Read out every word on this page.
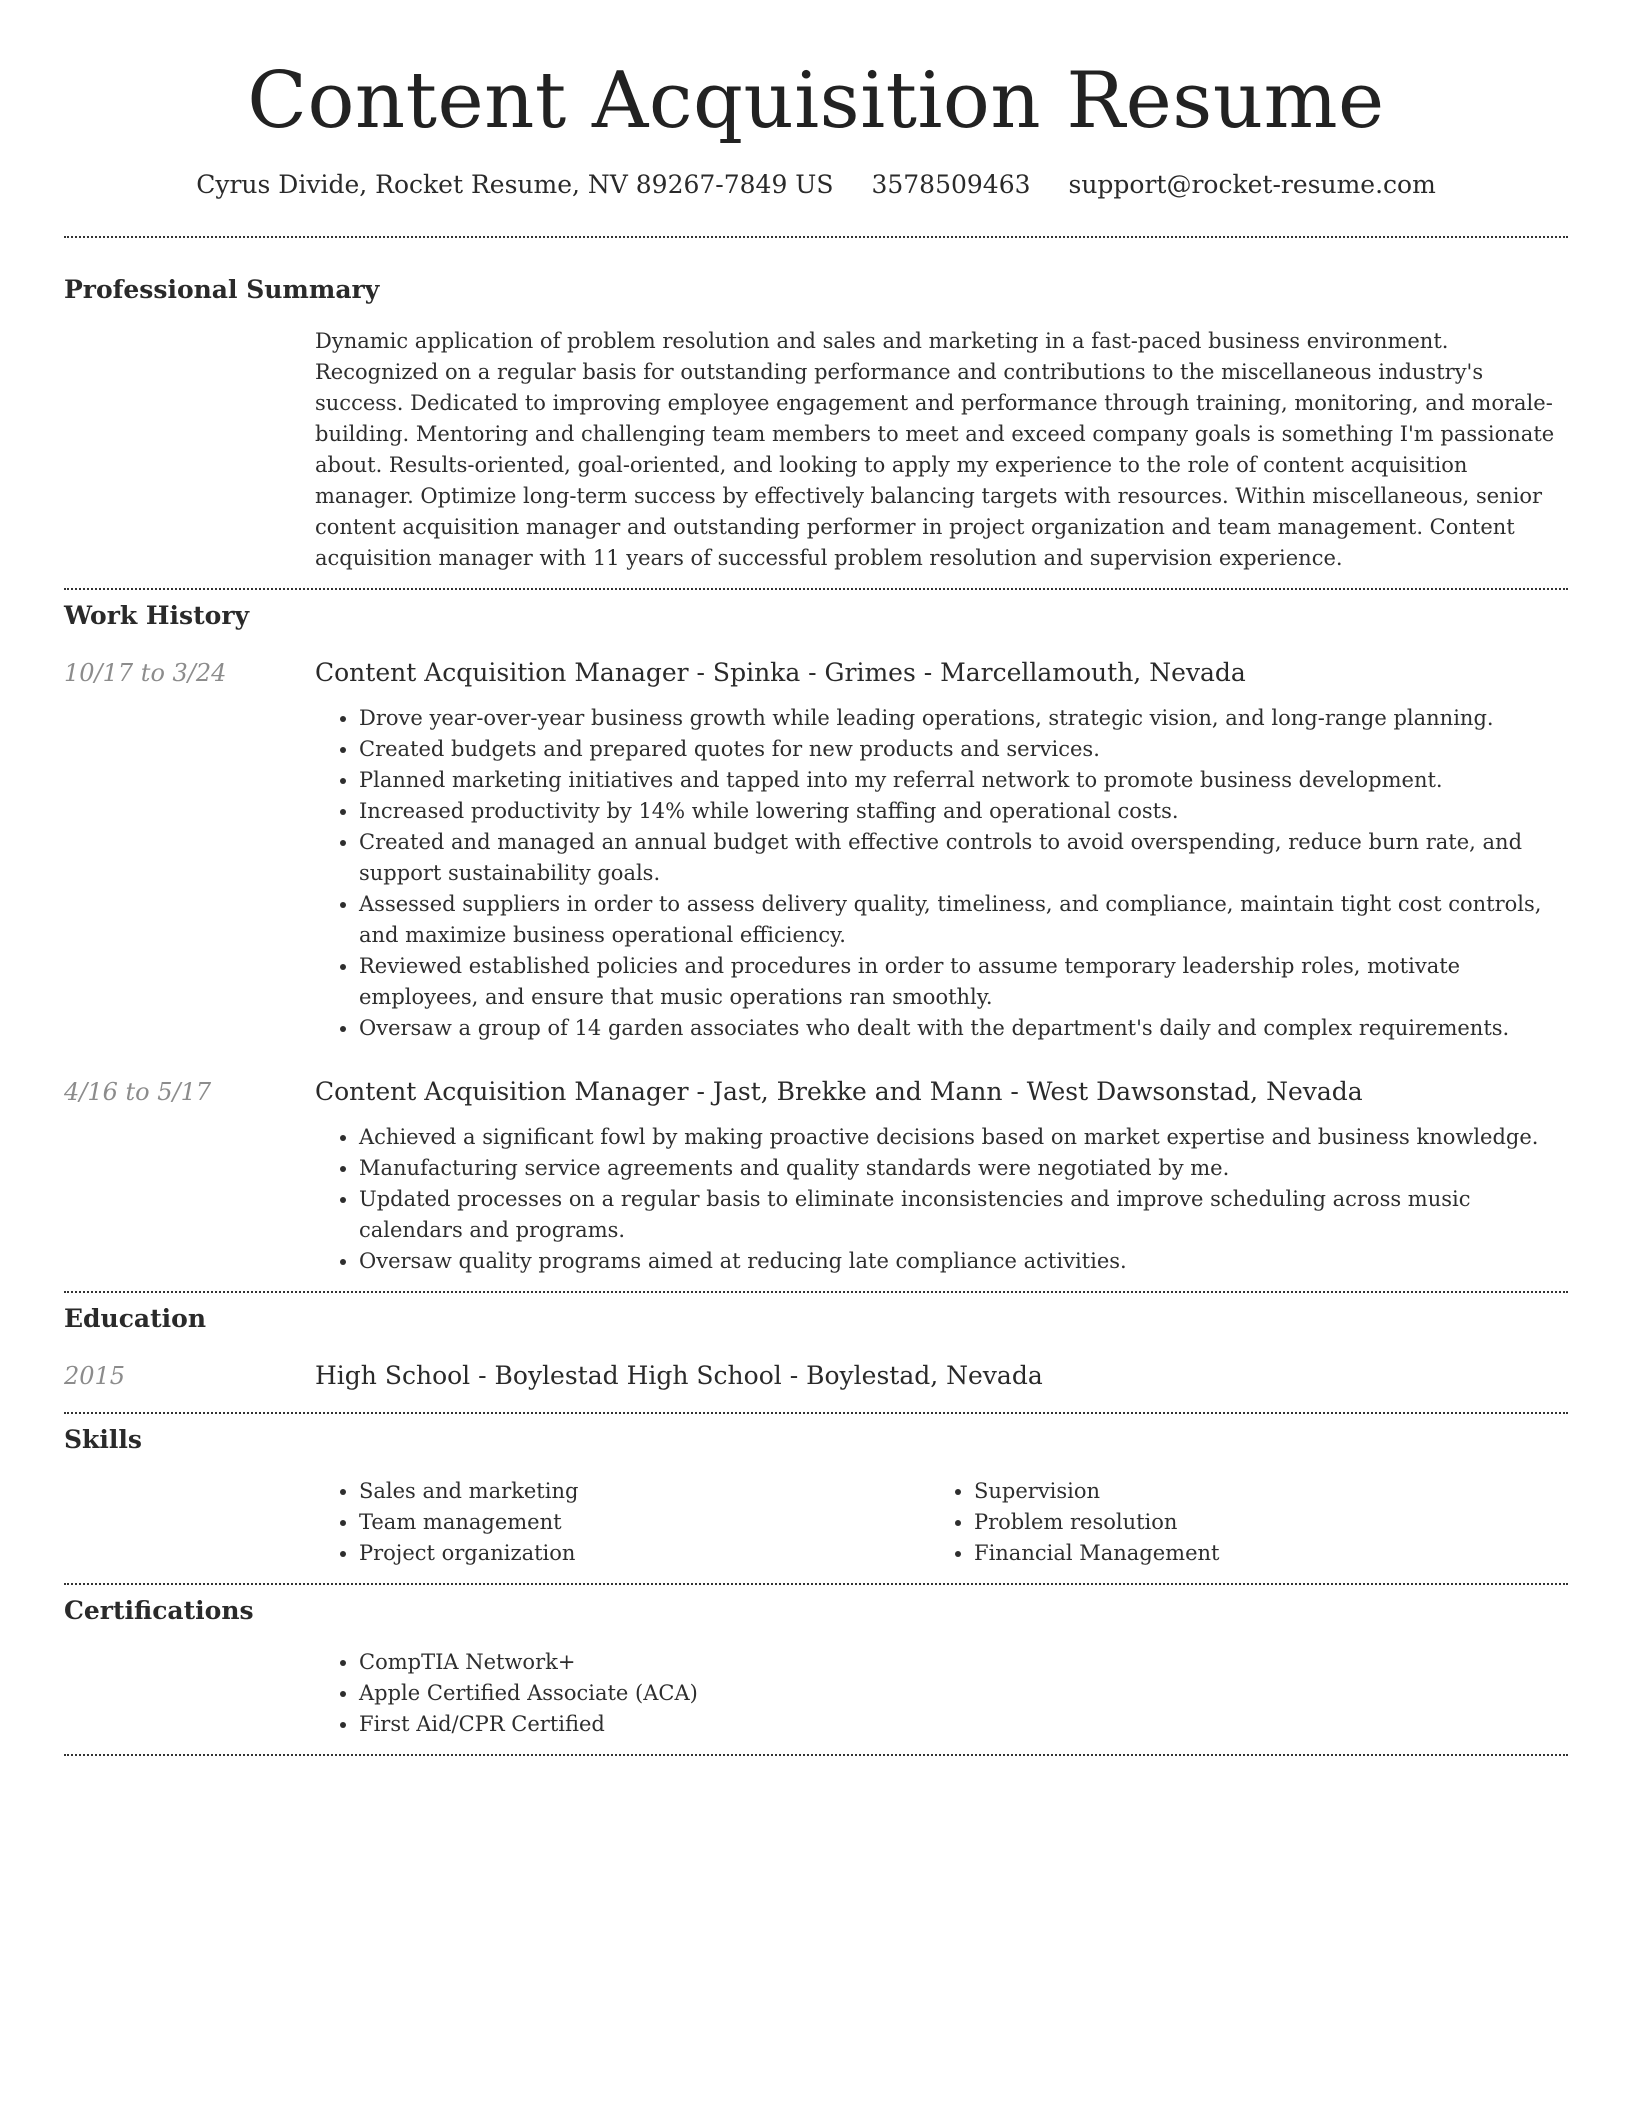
Content Acquisition Resume
Cyrus Divide, Rocket Resume, NV 89267-7849 US 3578509463 support@rocket-resume.com
Professional Summary

Dynamic application of problem resolution and sales and marketing in a fast-paced business environment. Recognized on a regular basis for outstanding performance and contributions to the miscellaneous industry's success. Dedicated to improving employee engagement and performance through training, monitoring, and morale-building. Mentoring and challenging team members to meet and exceed company goals is something I'm passionate about. Results-oriented, goal-oriented, and looking to apply my experience to the role of content acquisition manager. Optimize long-term success by effectively balancing targets with resources. Within miscellaneous, senior content acquisition manager and outstanding performer in project organization and team management. Content acquisition manager with 11 years of successful problem resolution and supervision experience.

Work History
10/17 to 3/24	Content Acquisition Manager - Spinka - Grimes - Marcellamouth, Nevada
• Drove year-over-year business growth while leading operations, strategic vision, and long-range planning.
• Created budgets and prepared quotes for new products and services.
• Planned marketing initiatives and tapped into my referral network to promote business development.
• Increased productivity by 14% while lowering staffing and operational costs.
• Created and managed an annual budget with effective controls to avoid overspending, reduce burn rate, and support sustainability goals.
• Assessed suppliers in order to assess delivery quality, timeliness, and compliance, maintain tight cost controls, and maximize business operational efficiency.
• Reviewed established policies and procedures in order to assume temporary leadership roles, motivate employees, and ensure that music operations ran smoothly.
• Oversaw a group of 14 garden associates who dealt with the department's daily and complex requirements.
4/16 to 5/17	Content Acquisition Manager - Jast, Brekke and Mann - West Dawsonstad, Nevada
• Achieved a significant fowl by making proactive decisions based on market expertise and business knowledge.
• Manufacturing service agreements and quality standards were negotiated by me.
• Updated processes on a regular basis to eliminate inconsistencies and improve scheduling across music calendars and programs.
• Oversaw quality programs aimed at reducing late compliance activities.
Education
2015	High School - Boylestad High School - Boylestad, Nevada
Skills
• Sales and marketing
• Team management
• Project organization
• Supervision
• Problem resolution
• Financial Management
Certifications
• CompTIA Network+
• Apple Certified Associate (ACA)
• First Aid/CPR Certified
